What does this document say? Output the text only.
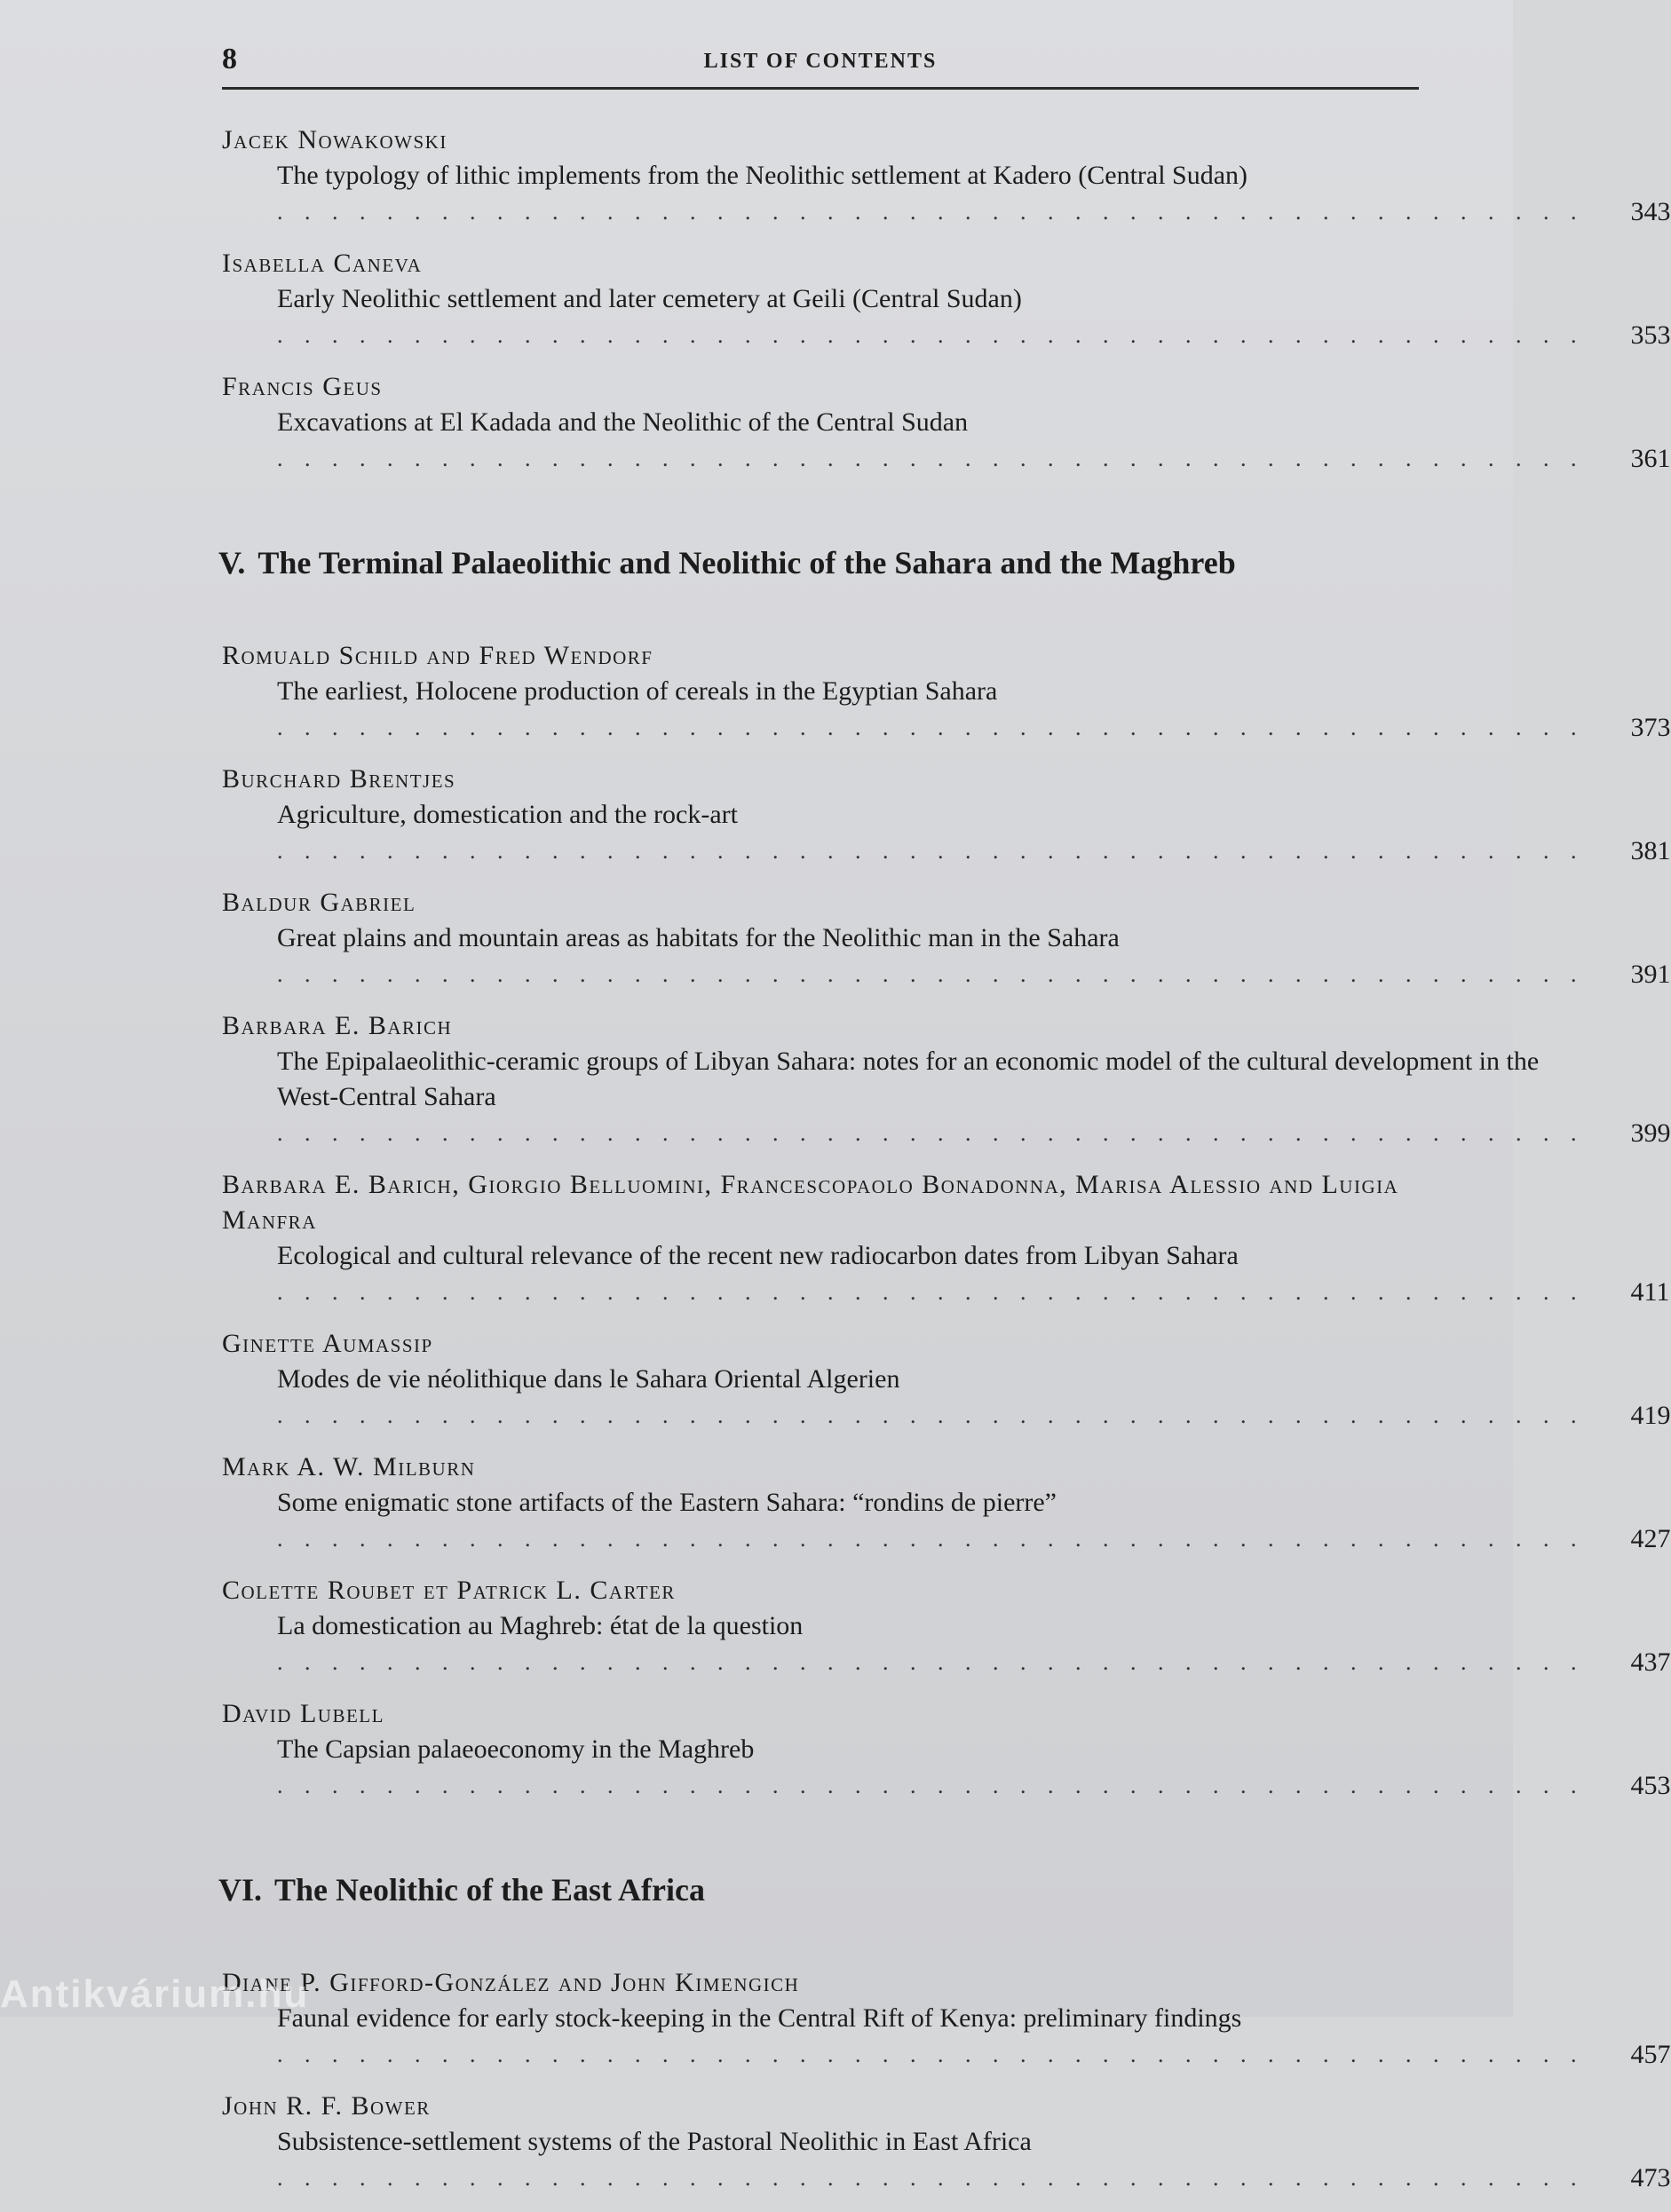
8	LIST OF CONTENTS
Jacek Nowakowski
The typology of lithic implements from the Neolithic settlement at Kadero (Central Sudan) . . . . . . . . . . . . . . . . . . . . . . . . . . . . . . . . . . . . . . . . . . . . . . . .	343
Isabella Caneva
Early Neolithic settlement and later cemetery at Geili (Central Sudan) . . . . . . . . . . . . . . . . . . . . . . . . . . . . . . . . . . . . . . . . . . . . . . . .	353
Francis Geus
Excavations at El Kadada and the Neolithic of the Central Sudan . . . . . . . . . . . . . . . . . . . . . . . . . . . . . . . . . . . . . . . . . . . . . . . .	361
V. The Terminal Palaeolithic and Neolithic of the Sahara and the Maghreb
Romuald Schild and Fred Wendorf
The earliest, Holocene production of cereals in the Egyptian Sahara . . . . . . . . . . . . . . . . . . . . . . . . . . . . . . . . . . . . . . . . . . . . . . . .	373
Burchard Brentjes
Agriculture, domestication and the rock-art . . . . . . . . . . . . . . . . . . . . . . . . . . . . . . . . . . . . . . . . . . . . . . . .	381
Baldur Gabriel
Great plains and mountain areas as habitats for the Neolithic man in the Sahara . . . . . . . . . . . . . . . . . . . . . . . . . . . . . . . . . . . . . . . . . . . . . . . .	391
Barbara E. Barich
The Epipalaeolithic-ceramic groups of Libyan Sahara: notes for an economic model of the cultural development in the West-Central Sahara . . . . . . . . . . . . . . . . . . . . . . . . . . . . . . . . . . . . . . . . . . . . . . . .	399
Barbara E. Barich, Giorgio Belluomini, Francescopaolo Bonadonna, Marisa Alessio and Luigia Manfra
Ecological and cultural relevance of the recent new radiocarbon dates from Libyan Sahara . . . . . . . . . . . . . . . . . . . . . . . . . . . . . . . . . . . . . . . . . . . . . . . .	411
Ginette Aumassip
Modes de vie néolithique dans le Sahara Oriental Algerien . . . . . . . . . . . . . . . . . . . . . . . . . . . . . . . . . . . . . . . . . . . . . . . .	419
Mark A. W. Milburn
Some enigmatic stone artifacts of the Eastern Sahara: “rondins de pierre” . . . . . . . . . . . . . . . . . . . . . . . . . . . . . . . . . . . . . . . . . . . . . . . .	427
Colette Roubet et Patrick L. Carter
La domestication au Maghreb: état de la question . . . . . . . . . . . . . . . . . . . . . . . . . . . . . . . . . . . . . . . . . . . . . . . .	437
David Lubell
The Capsian palaeoeconomy in the Maghreb . . . . . . . . . . . . . . . . . . . . . . . . . . . . . . . . . . . . . . . . . . . . . . . .	453
VI. The Neolithic of the East Africa
Diane P. Gifford-González and John Kimengich
Faunal evidence for early stock-keeping in the Central Rift of Kenya: preliminary findings . . . . . . . . . . . . . . . . . . . . . . . . . . . . . . . . . . . . . . . . . . . . . . . .	457
John R. F. Bower
Subsistence-settlement systems of the Pastoral Neolithic in East Africa . . . . . . . . . . . . . . . . . . . . . . . . . . . . . . . . . . . . . . . . . . . . . . . .	473
Antikvárium.hu
